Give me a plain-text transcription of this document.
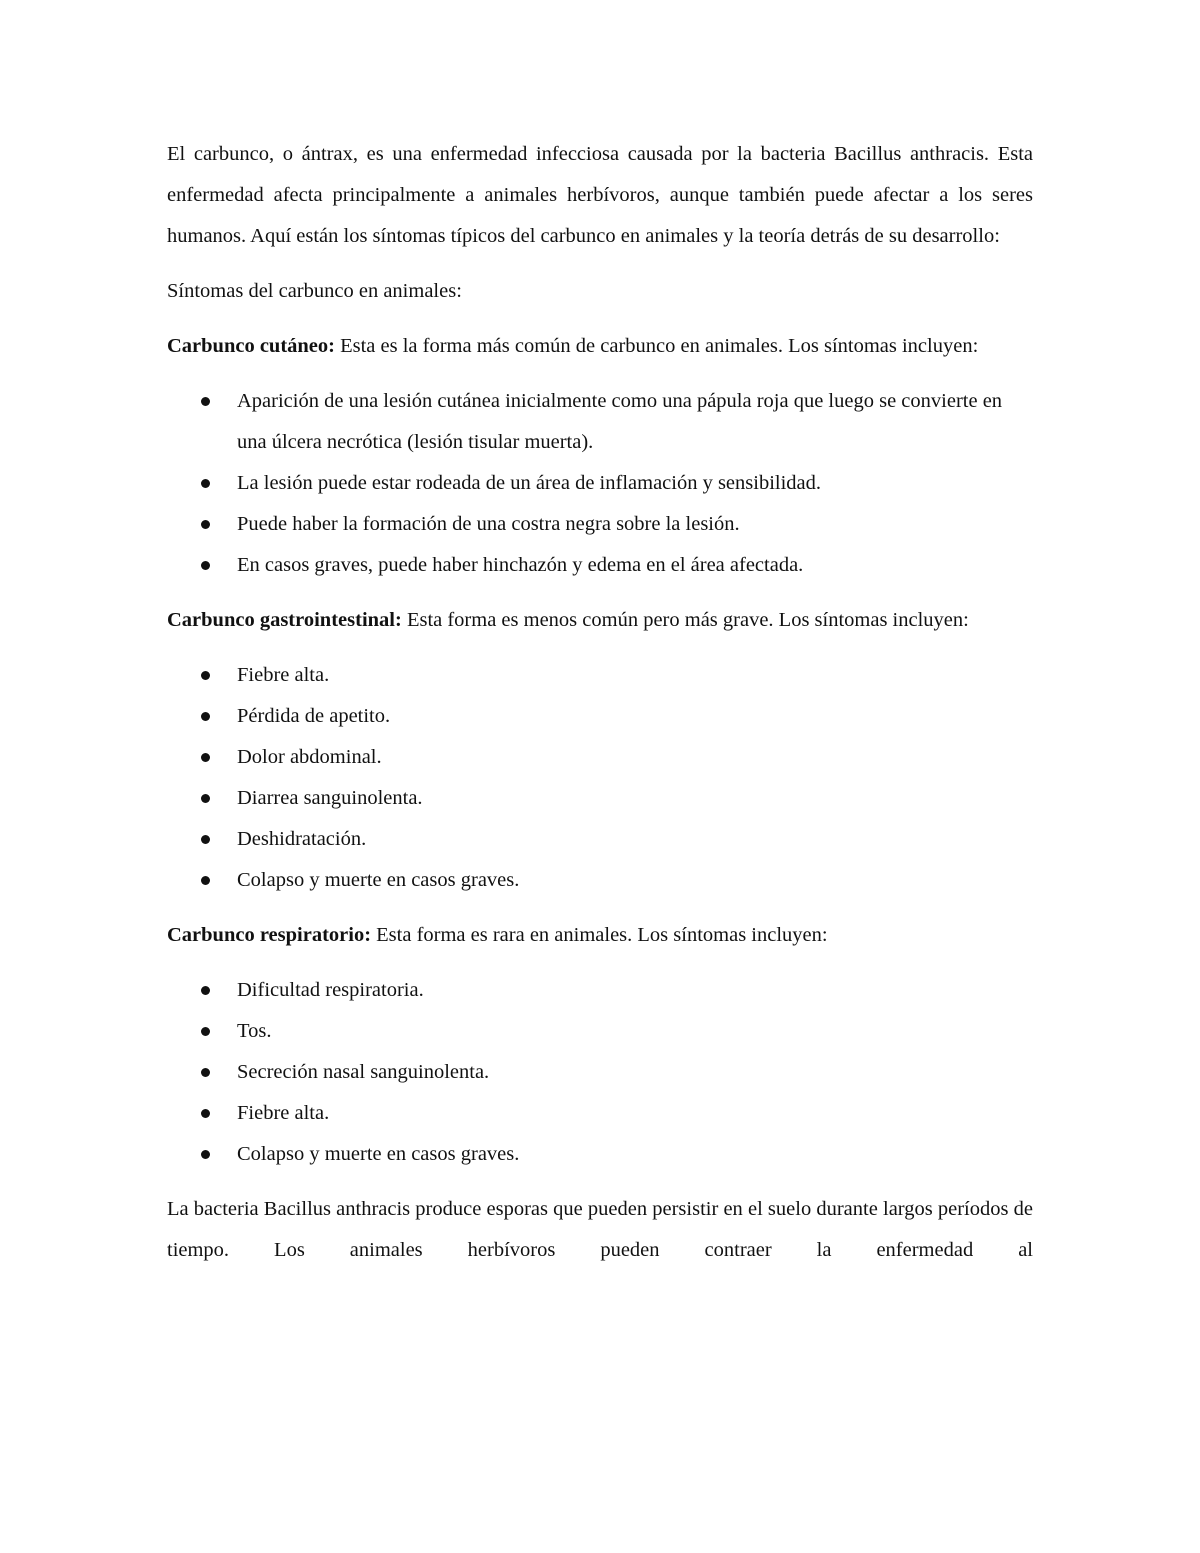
El carbunco, o ántrax, es una enfermedad infecciosa causada por la bacteria Bacillus anthracis. Esta enfermedad afecta principalmente a animales herbívoros, aunque también puede afectar a los seres humanos. Aquí están los síntomas típicos del carbunco en animales y la teoría detrás de su desarrollo:

Síntomas del carbunco en animales:

Carbunco cutáneo: Esta es la forma más común de carbunco en animales. Los síntomas incluyen:

Aparición de una lesión cutánea inicialmente como una pápula roja que luego se convierte en una úlcera necrótica (lesión tisular muerta).
La lesión puede estar rodeada de un área de inflamación y sensibilidad.
Puede haber la formación de una costra negra sobre la lesión.
En casos graves, puede haber hinchazón y edema en el área afectada.

Carbunco gastrointestinal: Esta forma es menos común pero más grave. Los síntomas incluyen:

Fiebre alta.
Pérdida de apetito.
Dolor abdominal.
Diarrea sanguinolenta.
Deshidratación.
Colapso y muerte en casos graves.

Carbunco respiratorio: Esta forma es rara en animales. Los síntomas incluyen:

Dificultad respiratoria.
Tos.
Secreción nasal sanguinolenta.
Fiebre alta.
Colapso y muerte en casos graves.

La bacteria Bacillus anthracis produce esporas que pueden persistir en el suelo durante largos períodos de tiempo. Los animales herbívoros pueden contraer la enfermedad al
